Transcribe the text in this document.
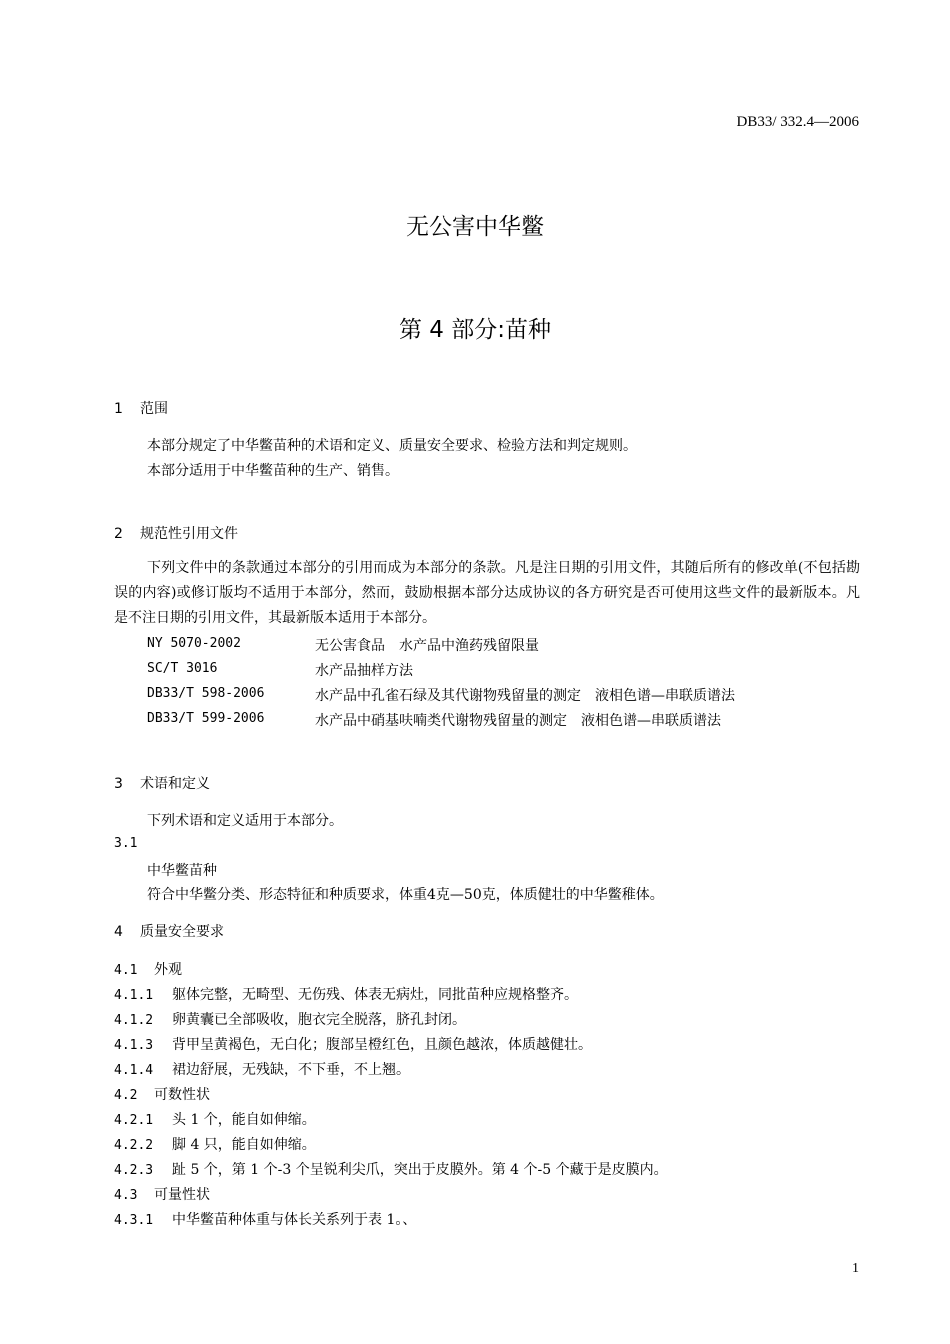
DB33/ 332.4—2006
无公害中华鳖
第 4 部分:苗种
1 范围
本部分规定了中华鳖苗种的术语和定义、质量安全要求、检验方法和判定规则。
本部分适用于中华鳖苗种的生产、销售。
2 规范性引用文件
下列文件中的条款通过本部分的引用而成为本部分的条款。凡是注日期的引用文件，其随后所有的修改单(不包括勘误的内容)或修订版均不适用于本部分，然而，鼓励根据本部分达成协议的各方研究是否可使用这些文件的最新版本。凡是不注日期的引用文件，其最新版本适用于本部分。
NY 5070-2002	无公害食品　水产品中渔药残留限量
SC/T 3016	水产品抽样方法
DB33/T 598-2006	水产品中孔雀石绿及其代谢物残留量的测定　液相色谱—串联质谱法
DB33/T 599-2006	水产品中硝基呋喃类代谢物残留量的测定　液相色谱—串联质谱法
3 术语和定义
下列术语和定义适用于本部分。
3.1
中华鳖苗种
符合中华鳖分类、形态特征和种质要求，体重4克—50克，体质健壮的中华鳖稚体。
4 质量安全要求
4.1 外观
4.1.1 躯体完整，无畸型、无伤残、体表无病灶，同批苗种应规格整齐。
4.1.2 卵黄囊已全部吸收，胞衣完全脱落，脐孔封闭。
4.1.3 背甲呈黄褐色，无白化；腹部呈橙红色，且颜色越浓，体质越健壮。
4.1.4 裙边舒展，无残缺，不下垂，不上翘。
4.2 可数性状
4.2.1 头 1 个，能自如伸缩。
4.2.2 脚 4 只，能自如伸缩。
4.2.3 趾 5 个，第 1 个-3 个呈锐利尖爪，突出于皮膜外。第 4 个-5 个藏于是皮膜内。
4.3 可量性状
4.3.1 中华鳖苗种体重与体长关系列于表 1。、
1
